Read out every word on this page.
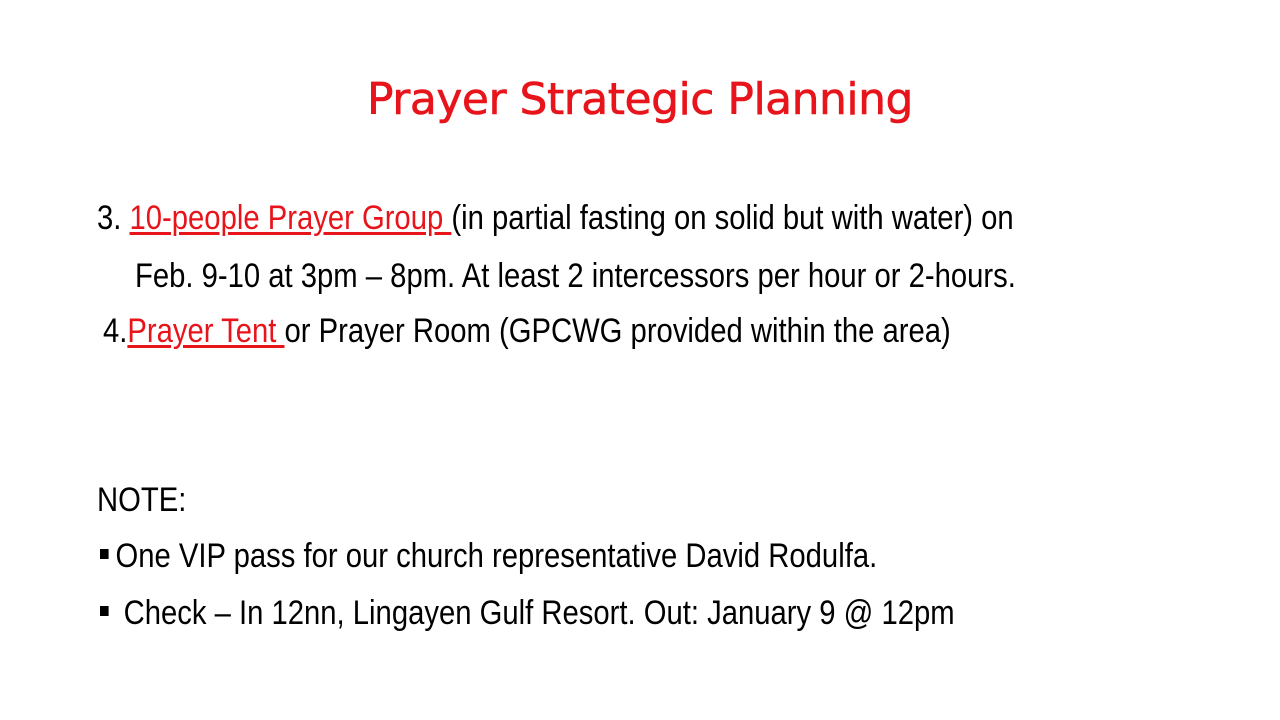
Prayer Strategic Planning
3. 10-people Prayer Group (in partial fasting on solid but with water) on
Feb. 9-10 at 3pm – 8pm. At least 2 intercessors per hour or 2-hours.
4.Prayer Tent or Prayer Room (GPCWG provided within the area)
NOTE:
One VIP pass for our church representative David Rodulfa.
Check – In 12nn, Lingayen Gulf Resort. Out: January 9 @ 12pm
